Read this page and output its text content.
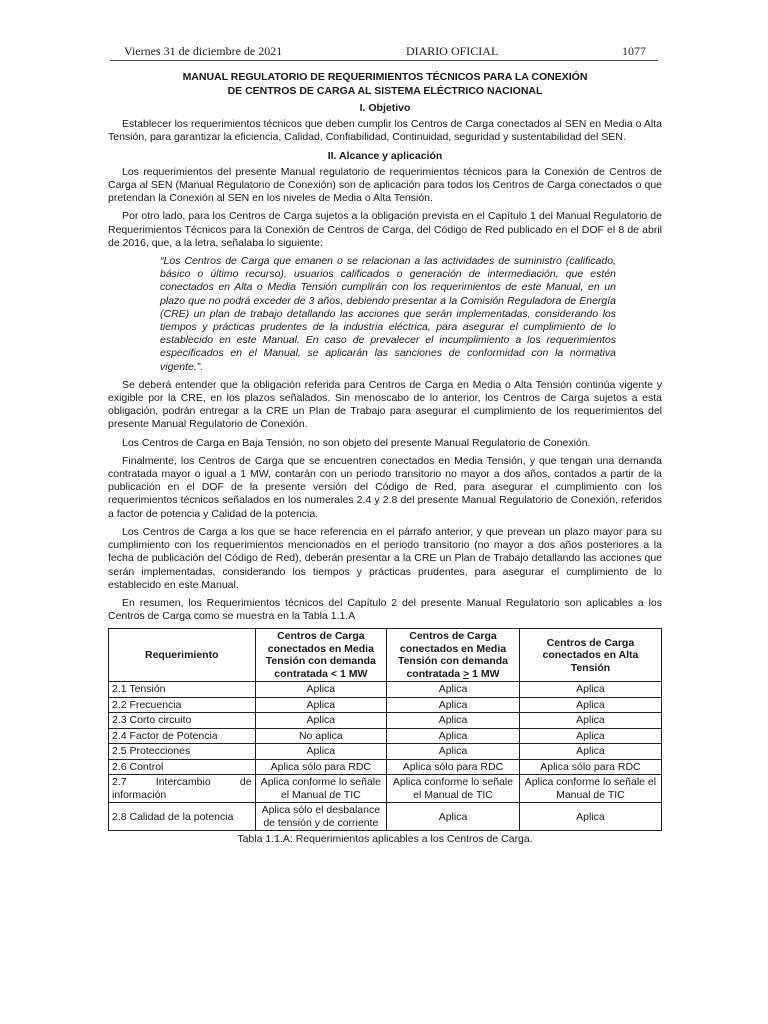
Viernes 31 de diciembre de 2021	DIARIO OFICIAL	1077
MANUAL REGULATORIO DE REQUERIMIENTOS TÉCNICOS PARA LA CONEXIÓN
DE CENTROS DE CARGA AL SISTEMA ELÉCTRICO NACIONAL
I. Objetivo

Establecer los requerimientos técnicos que deben cumplir los Centros de Carga conectados al SEN en Media o Alta Tensión, para garantizar la eficiencia, Calidad, Confiabilidad, Continuidad, seguridad y sustentabilidad del SEN.

II. Alcance y aplicación

Los requerimientos del presente Manual regulatorio de requerimientos técnicos para la Conexión de Centros de Carga al SEN (Manual Regulatorio de Conexión) son de aplicación para todos los Centros de Carga conectados o que pretendan la Conexión al SEN en los niveles de Media o Alta Tensión.

Por otro lado, para los Centros de Carga sujetos a la obligación prevista en el Capítulo 1 del Manual Regulatorio de Requerimientos Técnicos para la Conexión de Centros de Carga, del Código de Red publicado en el DOF el 8 de abril de 2016, que, a la letra, señalaba lo siguiente:

“Los Centros de Carga que emanen o se relacionan a las actividades de suministro (calificado, básico o último recurso), usuarios calificados o generación de intermediación, que estén conectados en Alta o Media Tensión cumplirán con los requerimientos de este Manual, en un plazo que no podrá exceder de 3 años, debiendo presentar a la Comisión Reguladora de Energía (CRE) un plan de trabajo detallando las acciones que serán implementadas, considerando los tiempos y prácticas prudentes de la industria eléctrica, para asegurar el cumplimiento de lo establecido en este Manual. En caso de prevalecer el incumplimiento a los requerimientos especificados en el Manual, se aplicarán las sanciones de conformidad con la normativa vigente.”.

Se deberá entender que la obligación referida para Centros de Carga en Media o Alta Tensión continúa vigente y exigible por la CRE, en los plazos señalados. Sin menoscabo de lo anterior, los Centros de Carga sujetos a esta obligación, podrán entregar a la CRE un Plan de Trabajo para asegurar el cumplimiento de los requerimientos del presente Manual Regulatorio de Conexión.

Los Centros de Carga en Baja Tensión, no son objeto del presente Manual Regulatorio de Conexión.

Finalmente, los Centros de Carga que se encuentren conectados en Media Tensión, y que tengan una demanda contratada mayor o igual a 1 MW, contarán con un periodo transitorio no mayor a dos años, contados a partir de la publicación en el DOF de la presente versión del Código de Red, para asegurar el cumplimiento con los requerimientos técnicos señalados en los numerales 2.4 y 2.8 del presente Manual Regulatorio de Conexión, referidos a factor de potencia y Calidad de la potencia.

Los Centros de Carga a los que se hace referencia en el párrafo anterior, y que prevean un plazo mayor para su cumplimiento con los requerimientos mencionados en el periodo transitorio (no mayor a dos años posteriores a la fecha de publicación del Código de Red), deberán presentar a la CRE un Plan de Trabajo detallando las acciones que serán implementadas, considerando los tiempos y prácticas prudentes, para asegurar el cumplimiento de lo establecido en este Manual.

En resumen, los Requerimientos técnicos del Capítulo 2 del presente Manual Regulatorio son aplicables a los Centros de Carga como se muestra en la Tabla 1.1.A

Requerimiento	Centros de Carga conectados en Media Tensión con demanda contratada < 1 MW	Centros de Carga conectados en Media Tensión con demanda contratada > 1 MW	Centros de Carga conectados en Alta Tensión
2.1 Tensión	Aplica	Aplica	Aplica
2.2 Frecuencia	Aplica	Aplica	Aplica
2.3 Corto circuito	Aplica	Aplica	Aplica
2.4 Factor de Potencia	No aplica	Aplica	Aplica
2.5 Protecciones	Aplica	Aplica	Aplica
2.6 Control	Aplica sólo para RDC	Aplica sólo para RDC	Aplica sólo para RDC
2.7 Intercambio de información	Aplica conforme lo señale el Manual de TIC	Aplica conforme lo señale el Manual de TIC	Aplica conforme lo señale el Manual de TIC
2.8 Calidad de la potencia	Aplica sólo el desbalance de tensión y de corriente	Aplica	Aplica
Tabla 1.1.A: Requerimientos aplicables a los Centros de Carga.
